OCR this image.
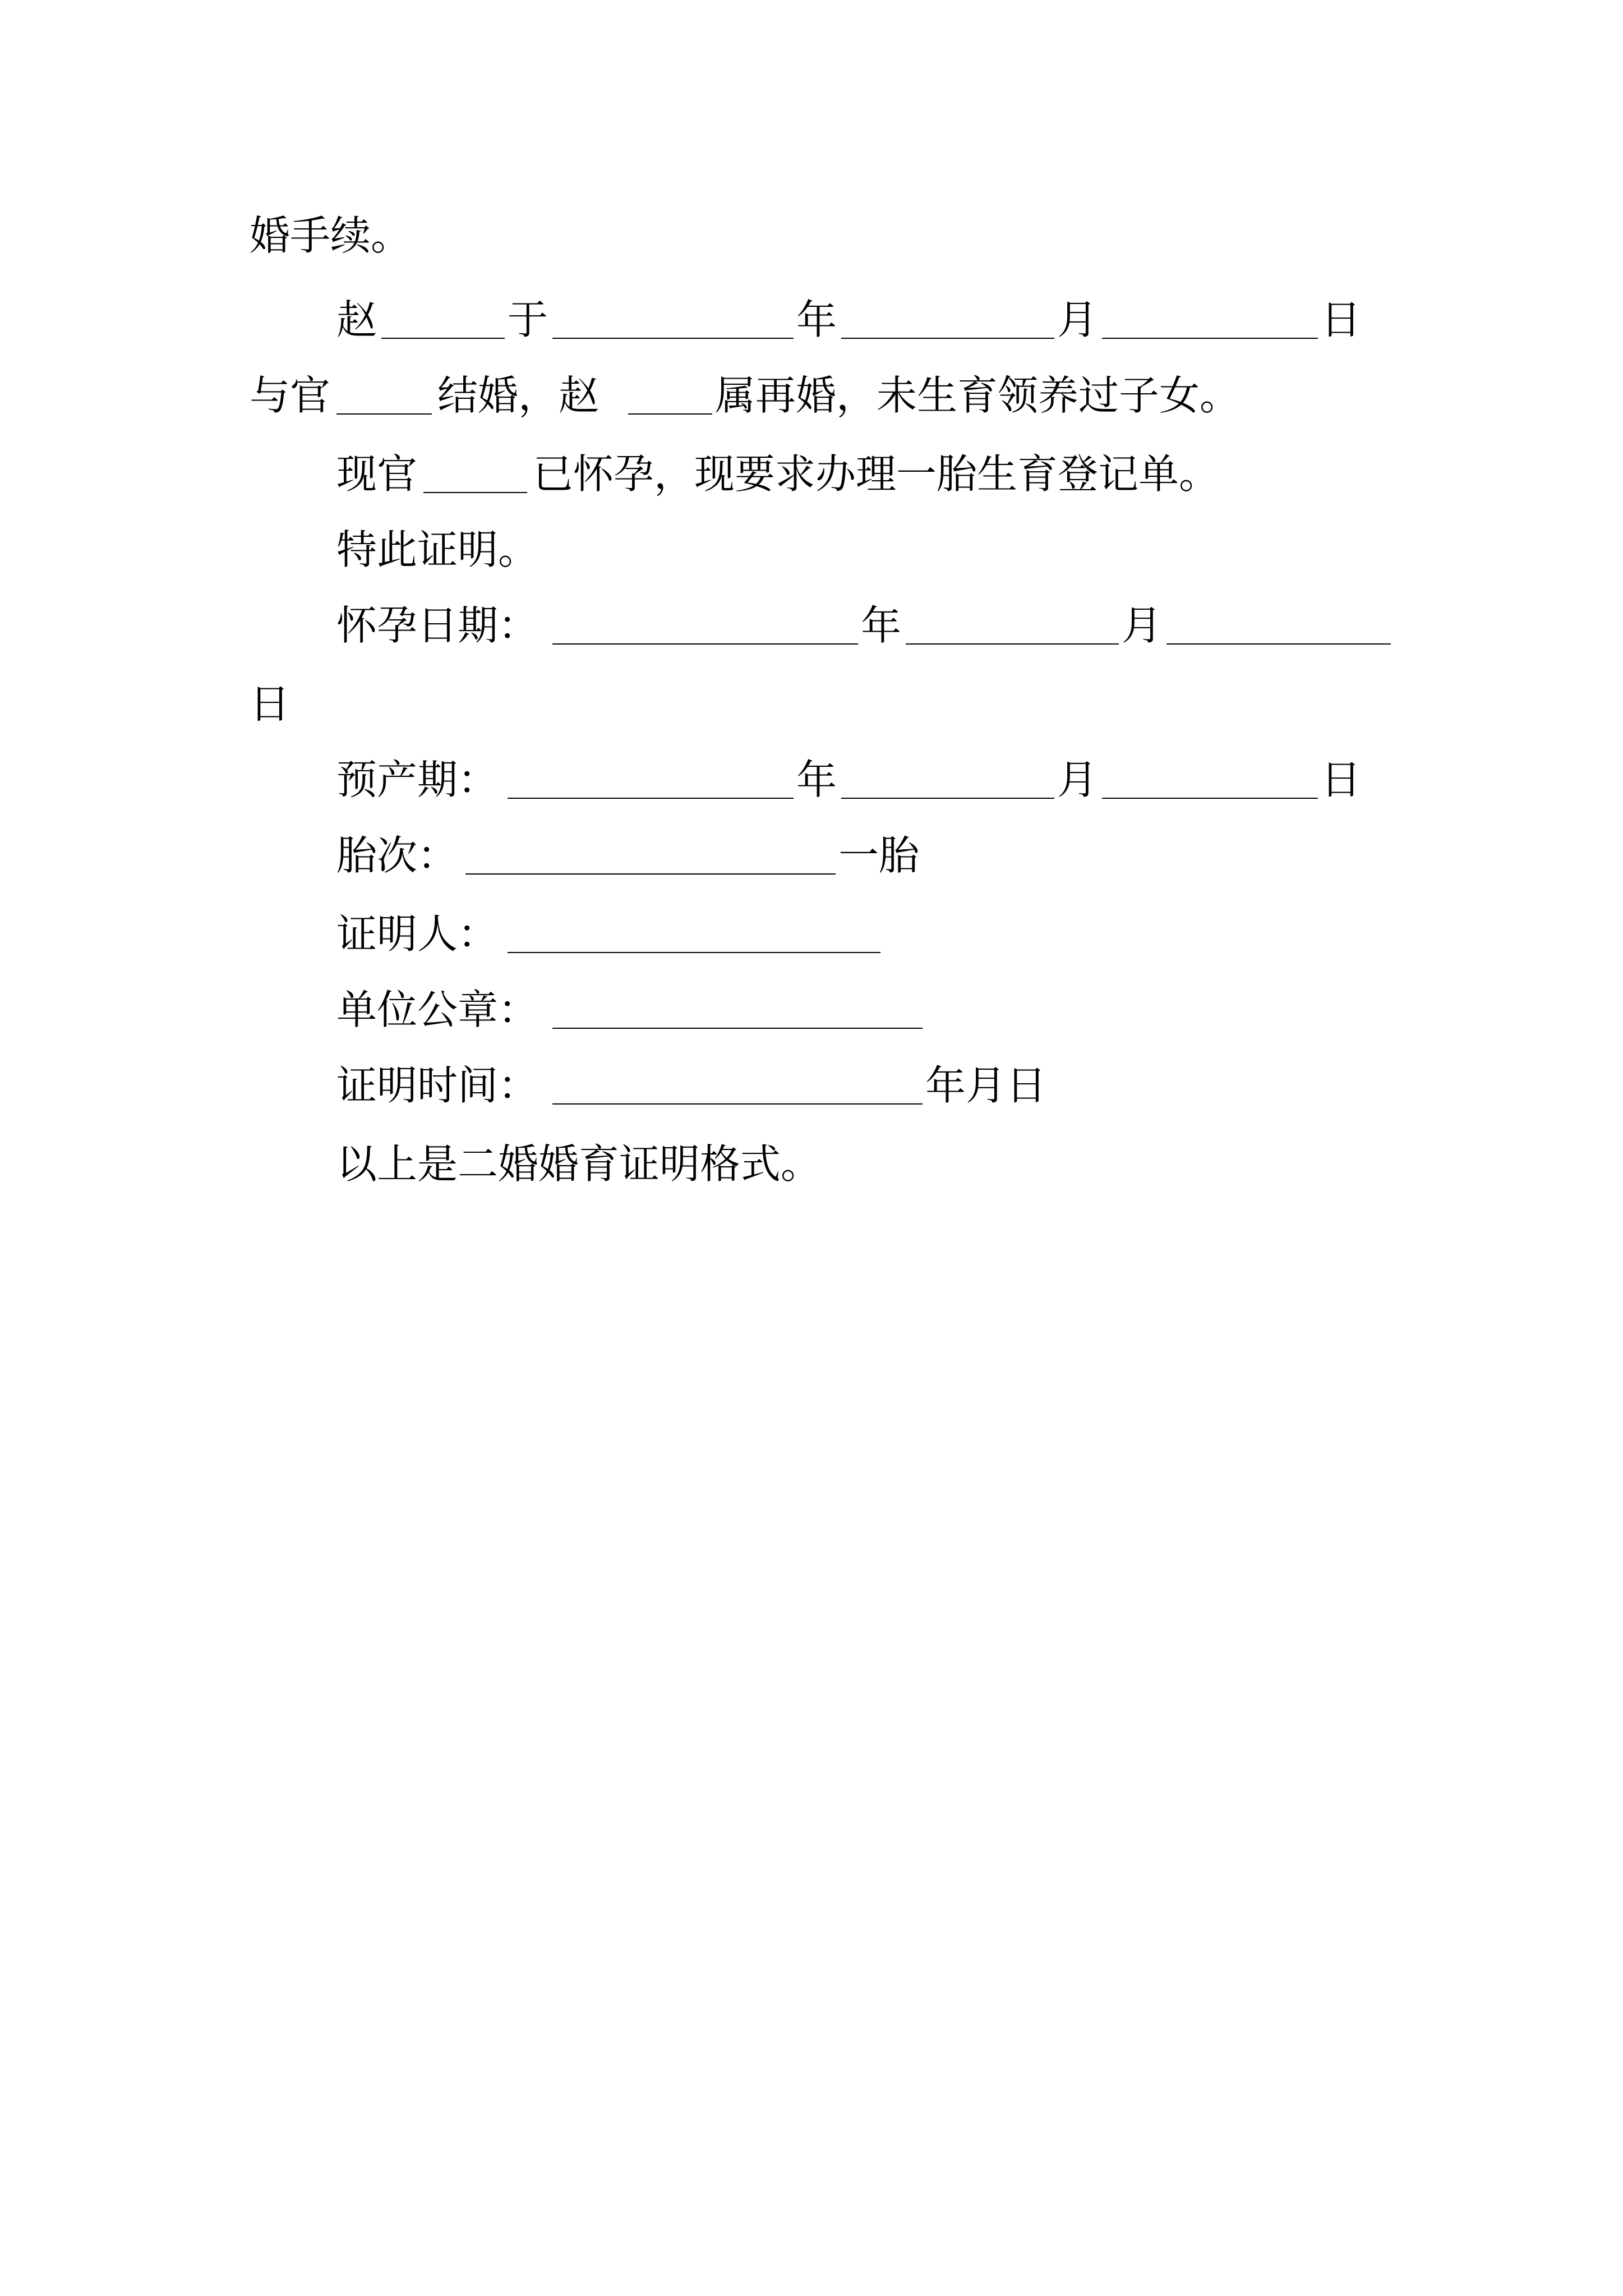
婚手续。
赵	于	年	月	日
与官	结婚，赵	属再婚，未生育领养过子女。
现官	已怀孕，现要求办理一胎生育登记单。
特此证明。
怀孕日期：	年	月
日
预产期：	年	月	日
胎次：	一胎
证明人：
单位公章：
证明时间：	年月日
以上是二婚婚育证明格式。
